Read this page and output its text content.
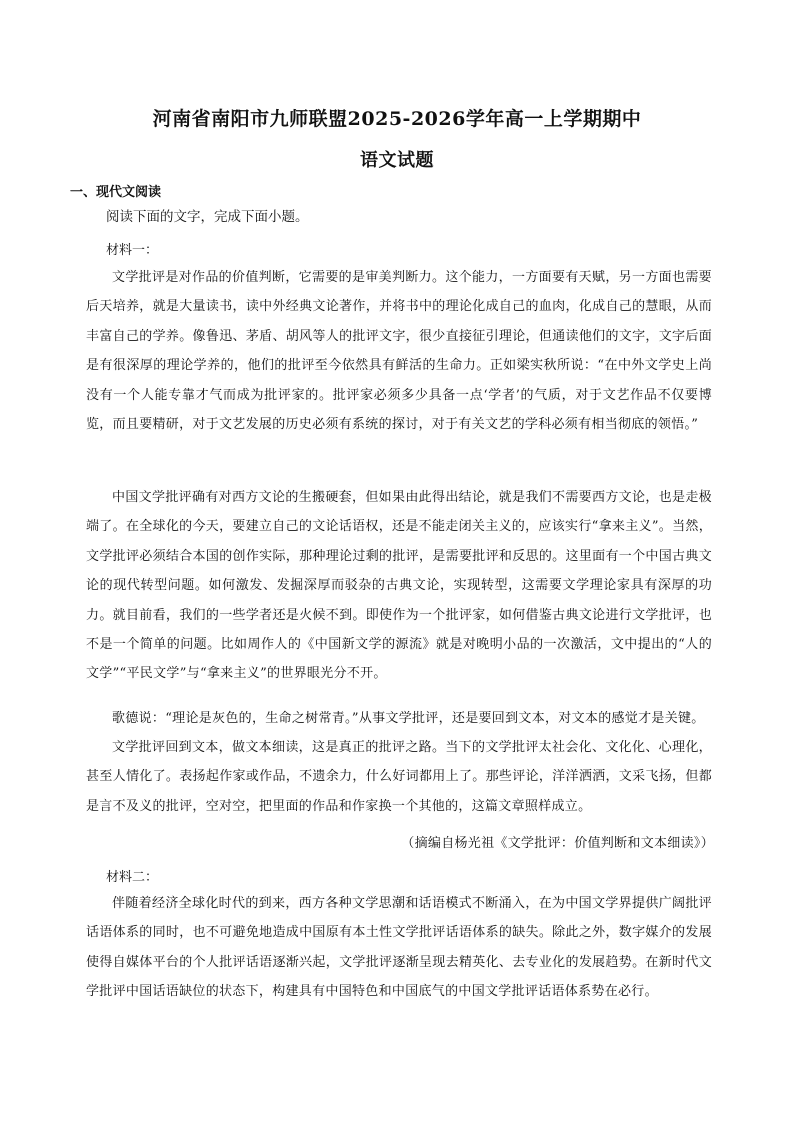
河南省南阳市九师联盟2025-2026学年高一上学期期中
语文试题
一、现代文阅读
阅读下面的文字，完成下面小题。
材料一：
文学批评是对作品的价值判断，它需要的是审美判断力。这个能力，一方面要有天赋，另一方面也需要后天培养，就是大量读书，读中外经典文论著作，并将书中的理论化成自己的血肉，化成自己的慧眼，从而丰富自己的学养。像鲁迅、茅盾、胡风等人的批评文字，很少直接征引理论，但通读他们的文字，文字后面是有很深厚的理论学养的，他们的批评至今依然具有鲜活的生命力。正如梁实秋所说：“在中外文学史上尚没有一个人能专靠才气而成为批评家的。批评家必须多少具备一点‘学者’的气质，对于文艺作品不仅要博览，而且要精研，对于文艺发展的历史必须有系统的探讨，对于有关文艺的学科必须有相当彻底的领悟。”
中国文学批评确有对西方文论的生搬硬套，但如果由此得出结论，就是我们不需要西方文论，也是走极端了。在全球化的今天，要建立自己的文论话语权，还是不能走闭关主义的，应该实行“拿来主义”。当然，文学批评必须结合本国的创作实际，那种理论过剩的批评，是需要批评和反思的。这里面有一个中国古典文论的现代转型问题。如何激发、发掘深厚而驳杂的古典文论，实现转型，这需要文学理论家具有深厚的功力。就目前看，我们的一些学者还是火候不到。即使作为一个批评家，如何借鉴古典文论进行文学批评，也不是一个简单的问题。比如周作人的《中国新文学的源流》就是对晚明小品的一次激活，文中提出的“人的文学”“平民文学”与“拿来主义”的世界眼光分不开。
歌德说：“理论是灰色的，生命之树常青。”从事文学批评，还是要回到文本，对文本的感觉才是关键。
文学批评回到文本，做文本细读，这是真正的批评之路。当下的文学批评太社会化、文化化、心理化，甚至人情化了。表扬起作家或作品，不遗余力，什么好词都用上了。那些评论，洋洋洒洒，文采飞扬，但都是言不及义的批评，空对空，把里面的作品和作家换一个其他的，这篇文章照样成立。
（摘编自杨光祖《文学批评：价值判断和文本细读》）
材料二：
伴随着经济全球化时代的到来，西方各种文学思潮和话语模式不断涌入，在为中国文学界提供广阔批评话语体系的同时，也不可避免地造成中国原有本土性文学批评话语体系的缺失。除此之外，数字媒介的发展使得自媒体平台的个人批评话语逐渐兴起，文学批评逐渐呈现去精英化、去专业化的发展趋势。在新时代文学批评中国话语缺位的状态下，构建具有中国特色和中国底气的中国文学批评话语体系势在必行。
